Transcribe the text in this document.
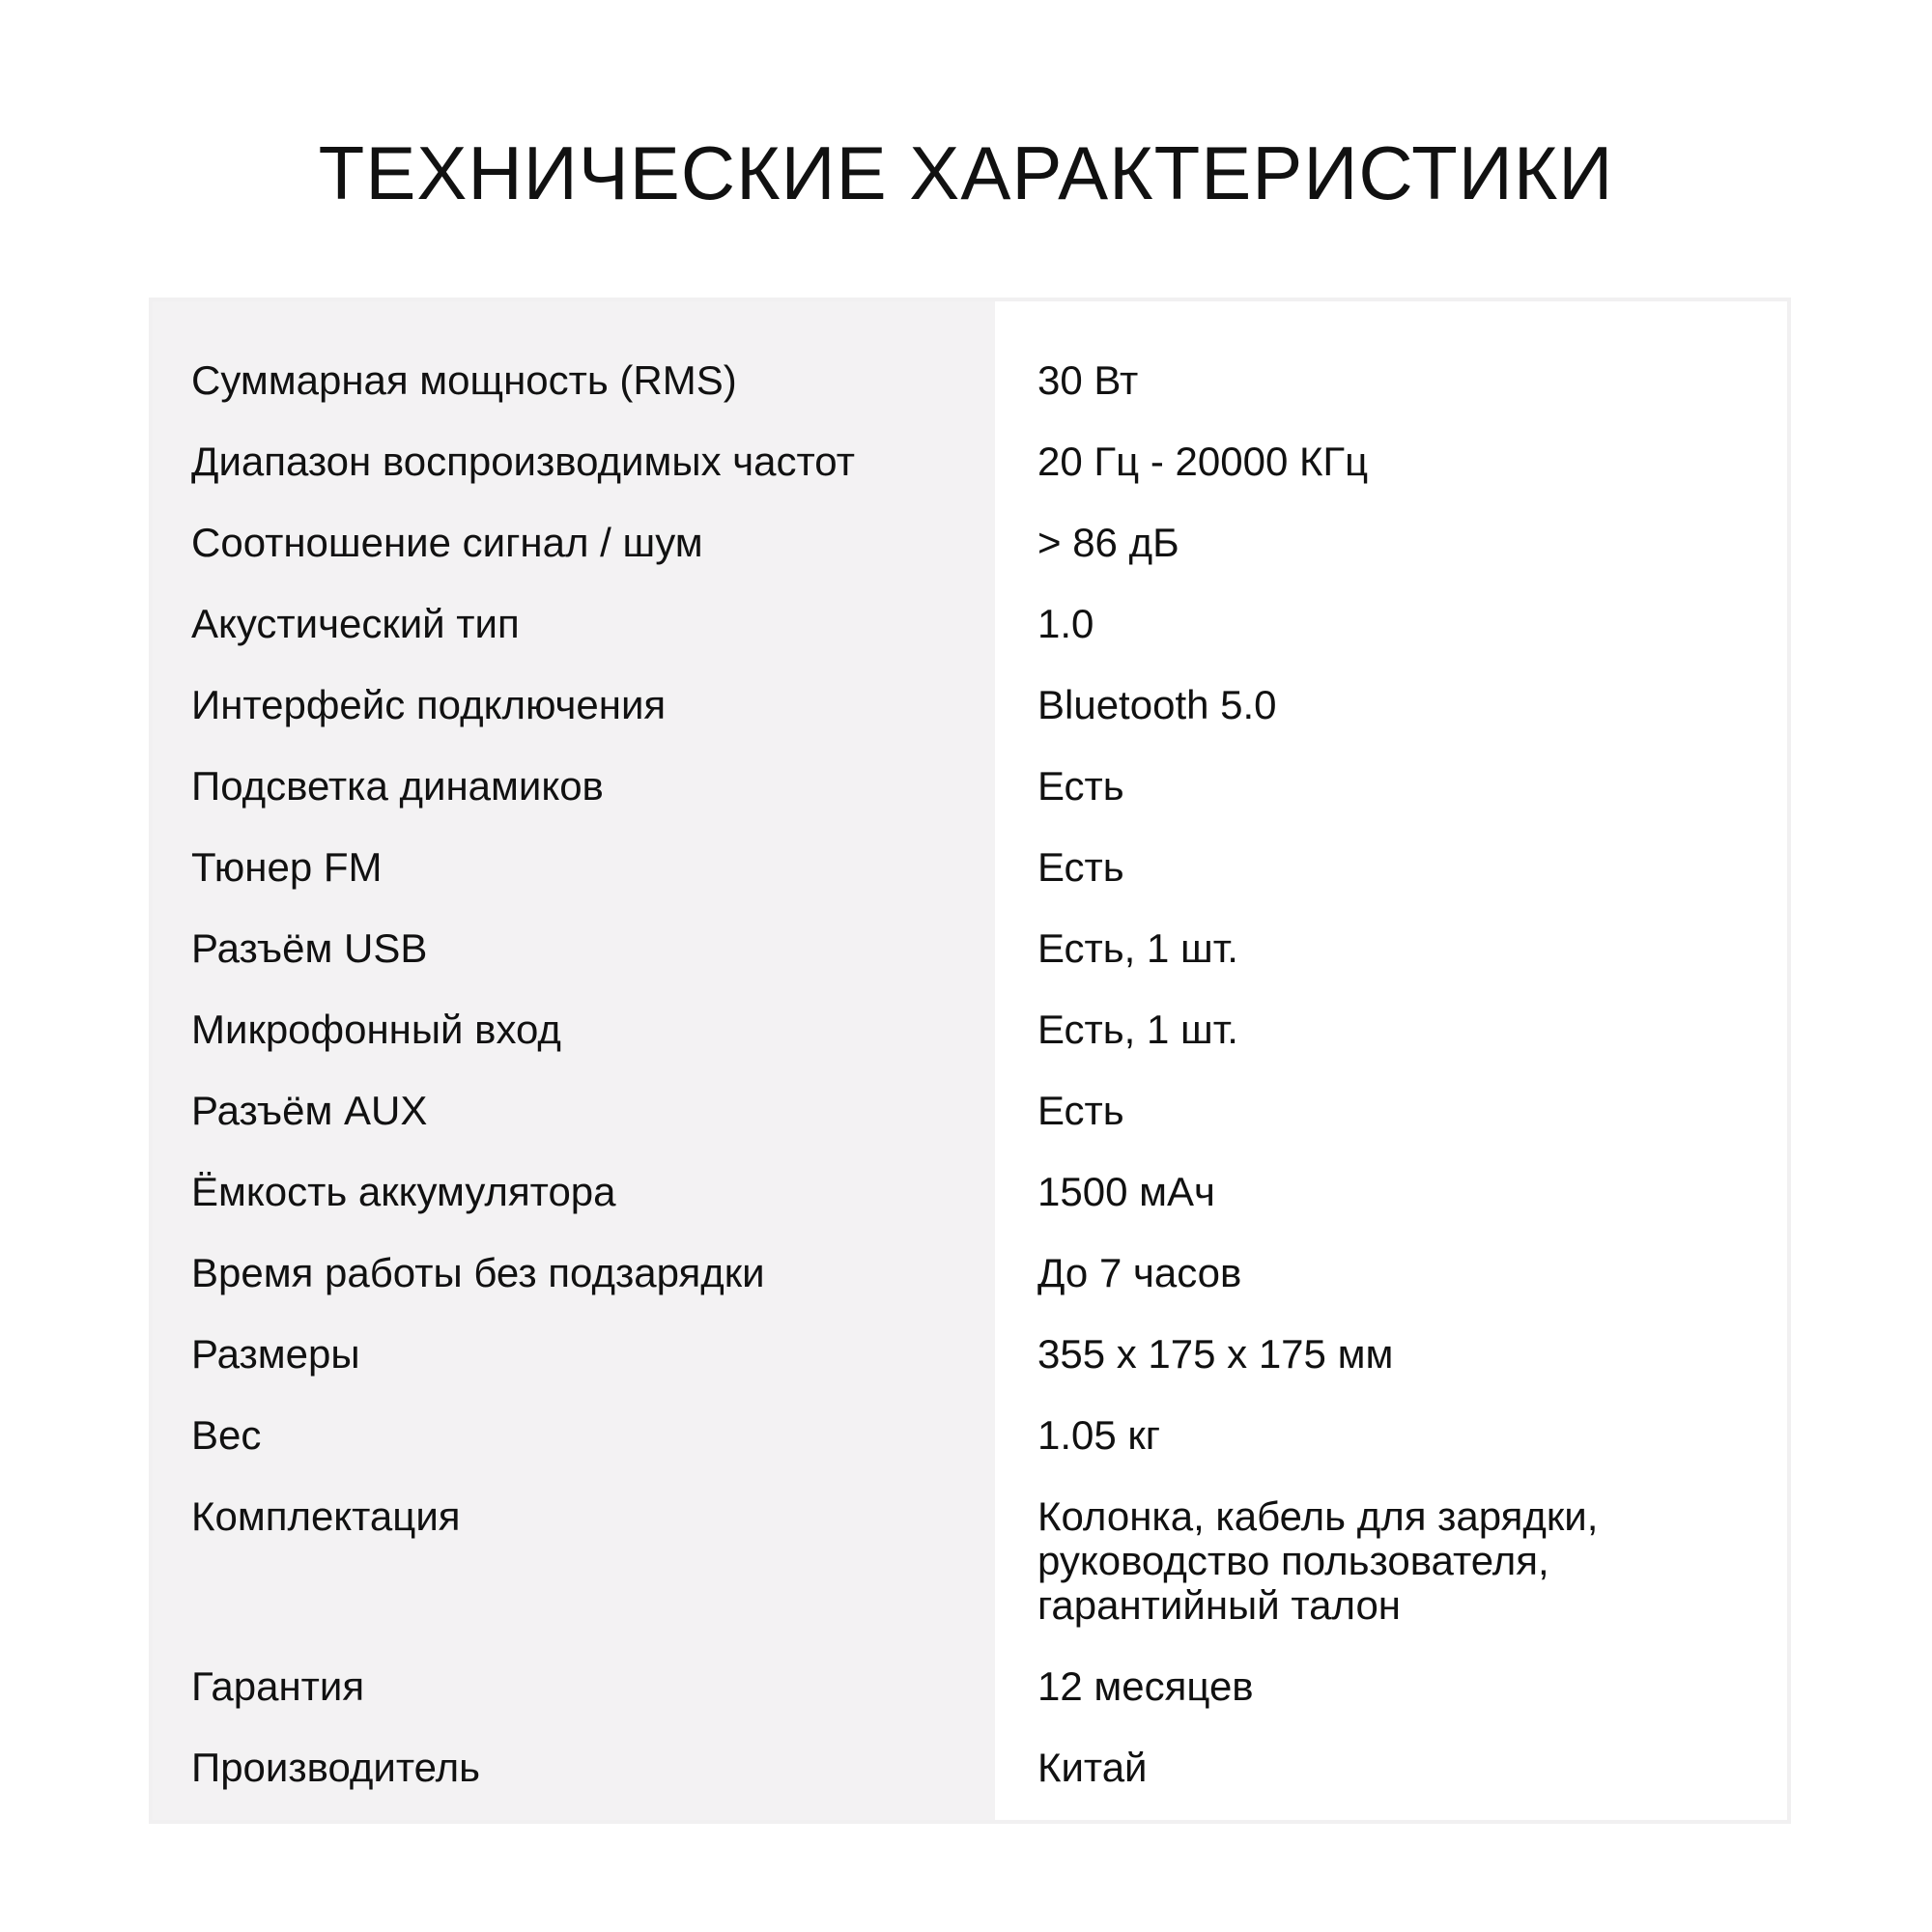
ТЕХНИЧЕСКИЕ ХАРАКТЕРИСТИКИ
Суммарная мощность (RMS)	30 Вт
Диапазон воспроизводимых частот	20 Гц - 20000 КГц
Соотношение сигнал / шум	> 86 дБ
Акустический тип	1.0
Интерфейс подключения	Bluetooth 5.0
Подсветка динамиков	Есть
Тюнер FM	Есть
Разъём USB	Есть, 1 шт.
Микрофонный вход	Есть, 1 шт.
Разъём AUX	Есть
Ёмкость аккумулятора	1500 мАч
Время работы без подзарядки	До 7 часов
Размеры	355 x 175 x 175 мм
Вес	1.05 кг
Комплектация	Колонка, кабель для зарядки,
руководство пользователя,
гарантийный талон
Гарантия	12 месяцев
Производитель	Китай
